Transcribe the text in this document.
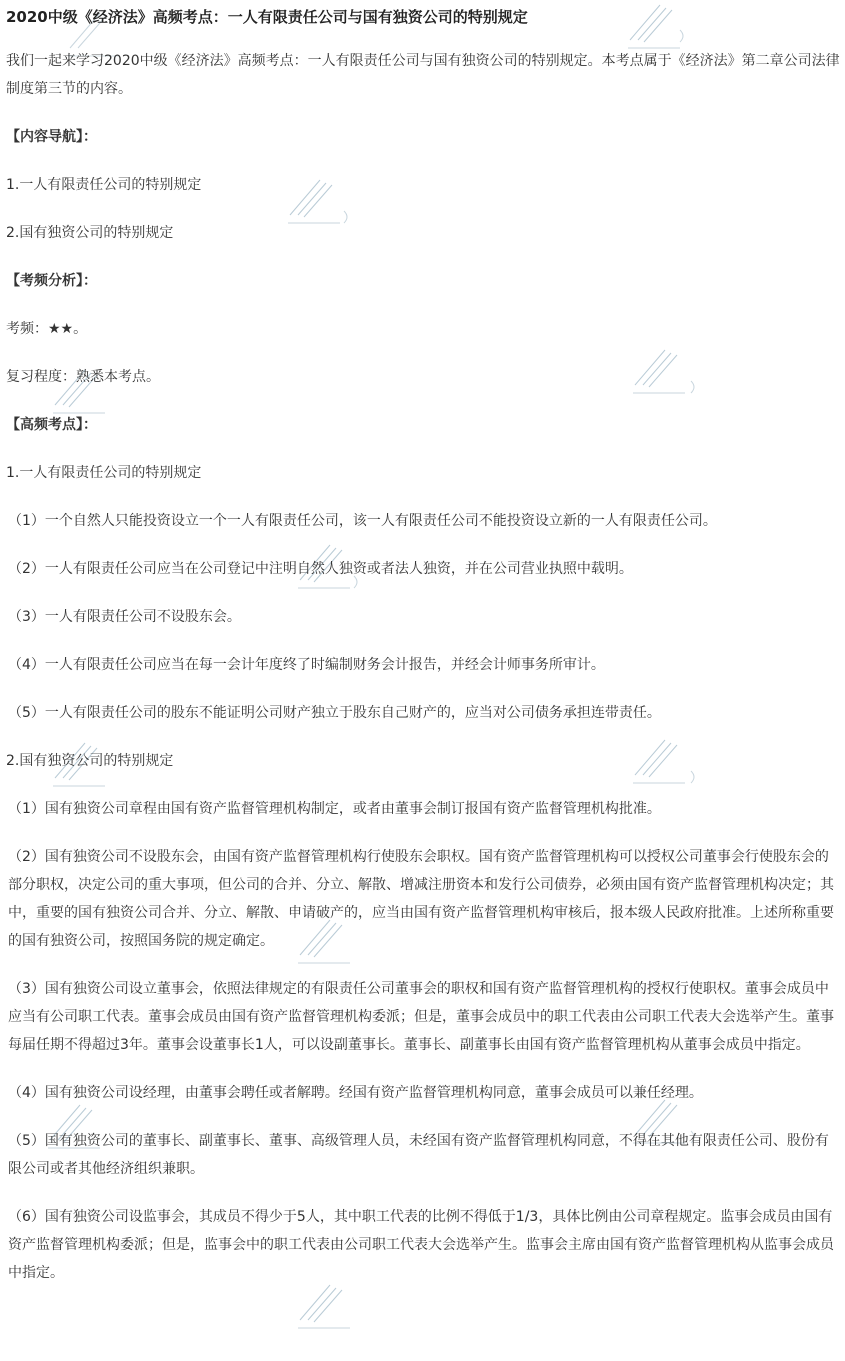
2020中级《经济法》高频考点：一人有限责任公司与国有独资公司的特别规定

我们一起来学习2020中级《经济法》高频考点：一人有限责任公司与国有独资公司的特别规定。本考点属于《经济法》第二章公司法律制度第三节的内容。

【内容导航】：

1.一人有限责任公司的特别规定

2.国有独资公司的特别规定

【考频分析】：

考频：★★。

复习程度：熟悉本考点。

【高频考点】：

1.一人有限责任公司的特别规定

（1）一个自然人只能投资设立一个一人有限责任公司，该一人有限责任公司不能投资设立新的一人有限责任公司。

（2）一人有限责任公司应当在公司登记中注明自然人独资或者法人独资，并在公司营业执照中载明。

（3）一人有限责任公司不设股东会。

（4）一人有限责任公司应当在每一会计年度终了时编制财务会计报告，并经会计师事务所审计。

（5）一人有限责任公司的股东不能证明公司财产独立于股东自己财产的，应当对公司债务承担连带责任。

2.国有独资公司的特别规定

（1）国有独资公司章程由国有资产监督管理机构制定，或者由董事会制订报国有资产监督管理机构批准。

（2）国有独资公司不设股东会，由国有资产监督管理机构行使股东会职权。国有资产监督管理机构可以授权公司董事会行使股东会的部分职权，决定公司的重大事项，但公司的合并、分立、解散、增减注册资本和发行公司债券，必须由国有资产监督管理机构决定；其中，重要的国有独资公司合并、分立、解散、申请破产的，应当由国有资产监督管理机构审核后，报本级人民政府批准。上述所称重要的国有独资公司，按照国务院的规定确定。

（3）国有独资公司设立董事会，依照法律规定的有限责任公司董事会的职权和国有资产监督管理机构的授权行使职权。董事会成员中应当有公司职工代表。董事会成员由国有资产监督管理机构委派；但是，董事会成员中的职工代表由公司职工代表大会选举产生。董事每届任期不得超过3年。董事会设董事长1人，可以设副董事长。董事长、副董事长由国有资产监督管理机构从董事会成员中指定。

（4）国有独资公司设经理，由董事会聘任或者解聘。经国有资产监督管理机构同意，董事会成员可以兼任经理。

（5）国有独资公司的董事长、副董事长、董事、高级管理人员，未经国有资产监督管理机构同意，不得在其他有限责任公司、股份有限公司或者其他经济组织兼职。

（6）国有独资公司设监事会，其成员不得少于5人，其中职工代表的比例不得低于1/3，具体比例由公司章程规定。监事会成员由国有资产监督管理机构委派；但是，监事会中的职工代表由公司职工代表大会选举产生。监事会主席由国有资产监督管理机构从监事会成员中指定。
